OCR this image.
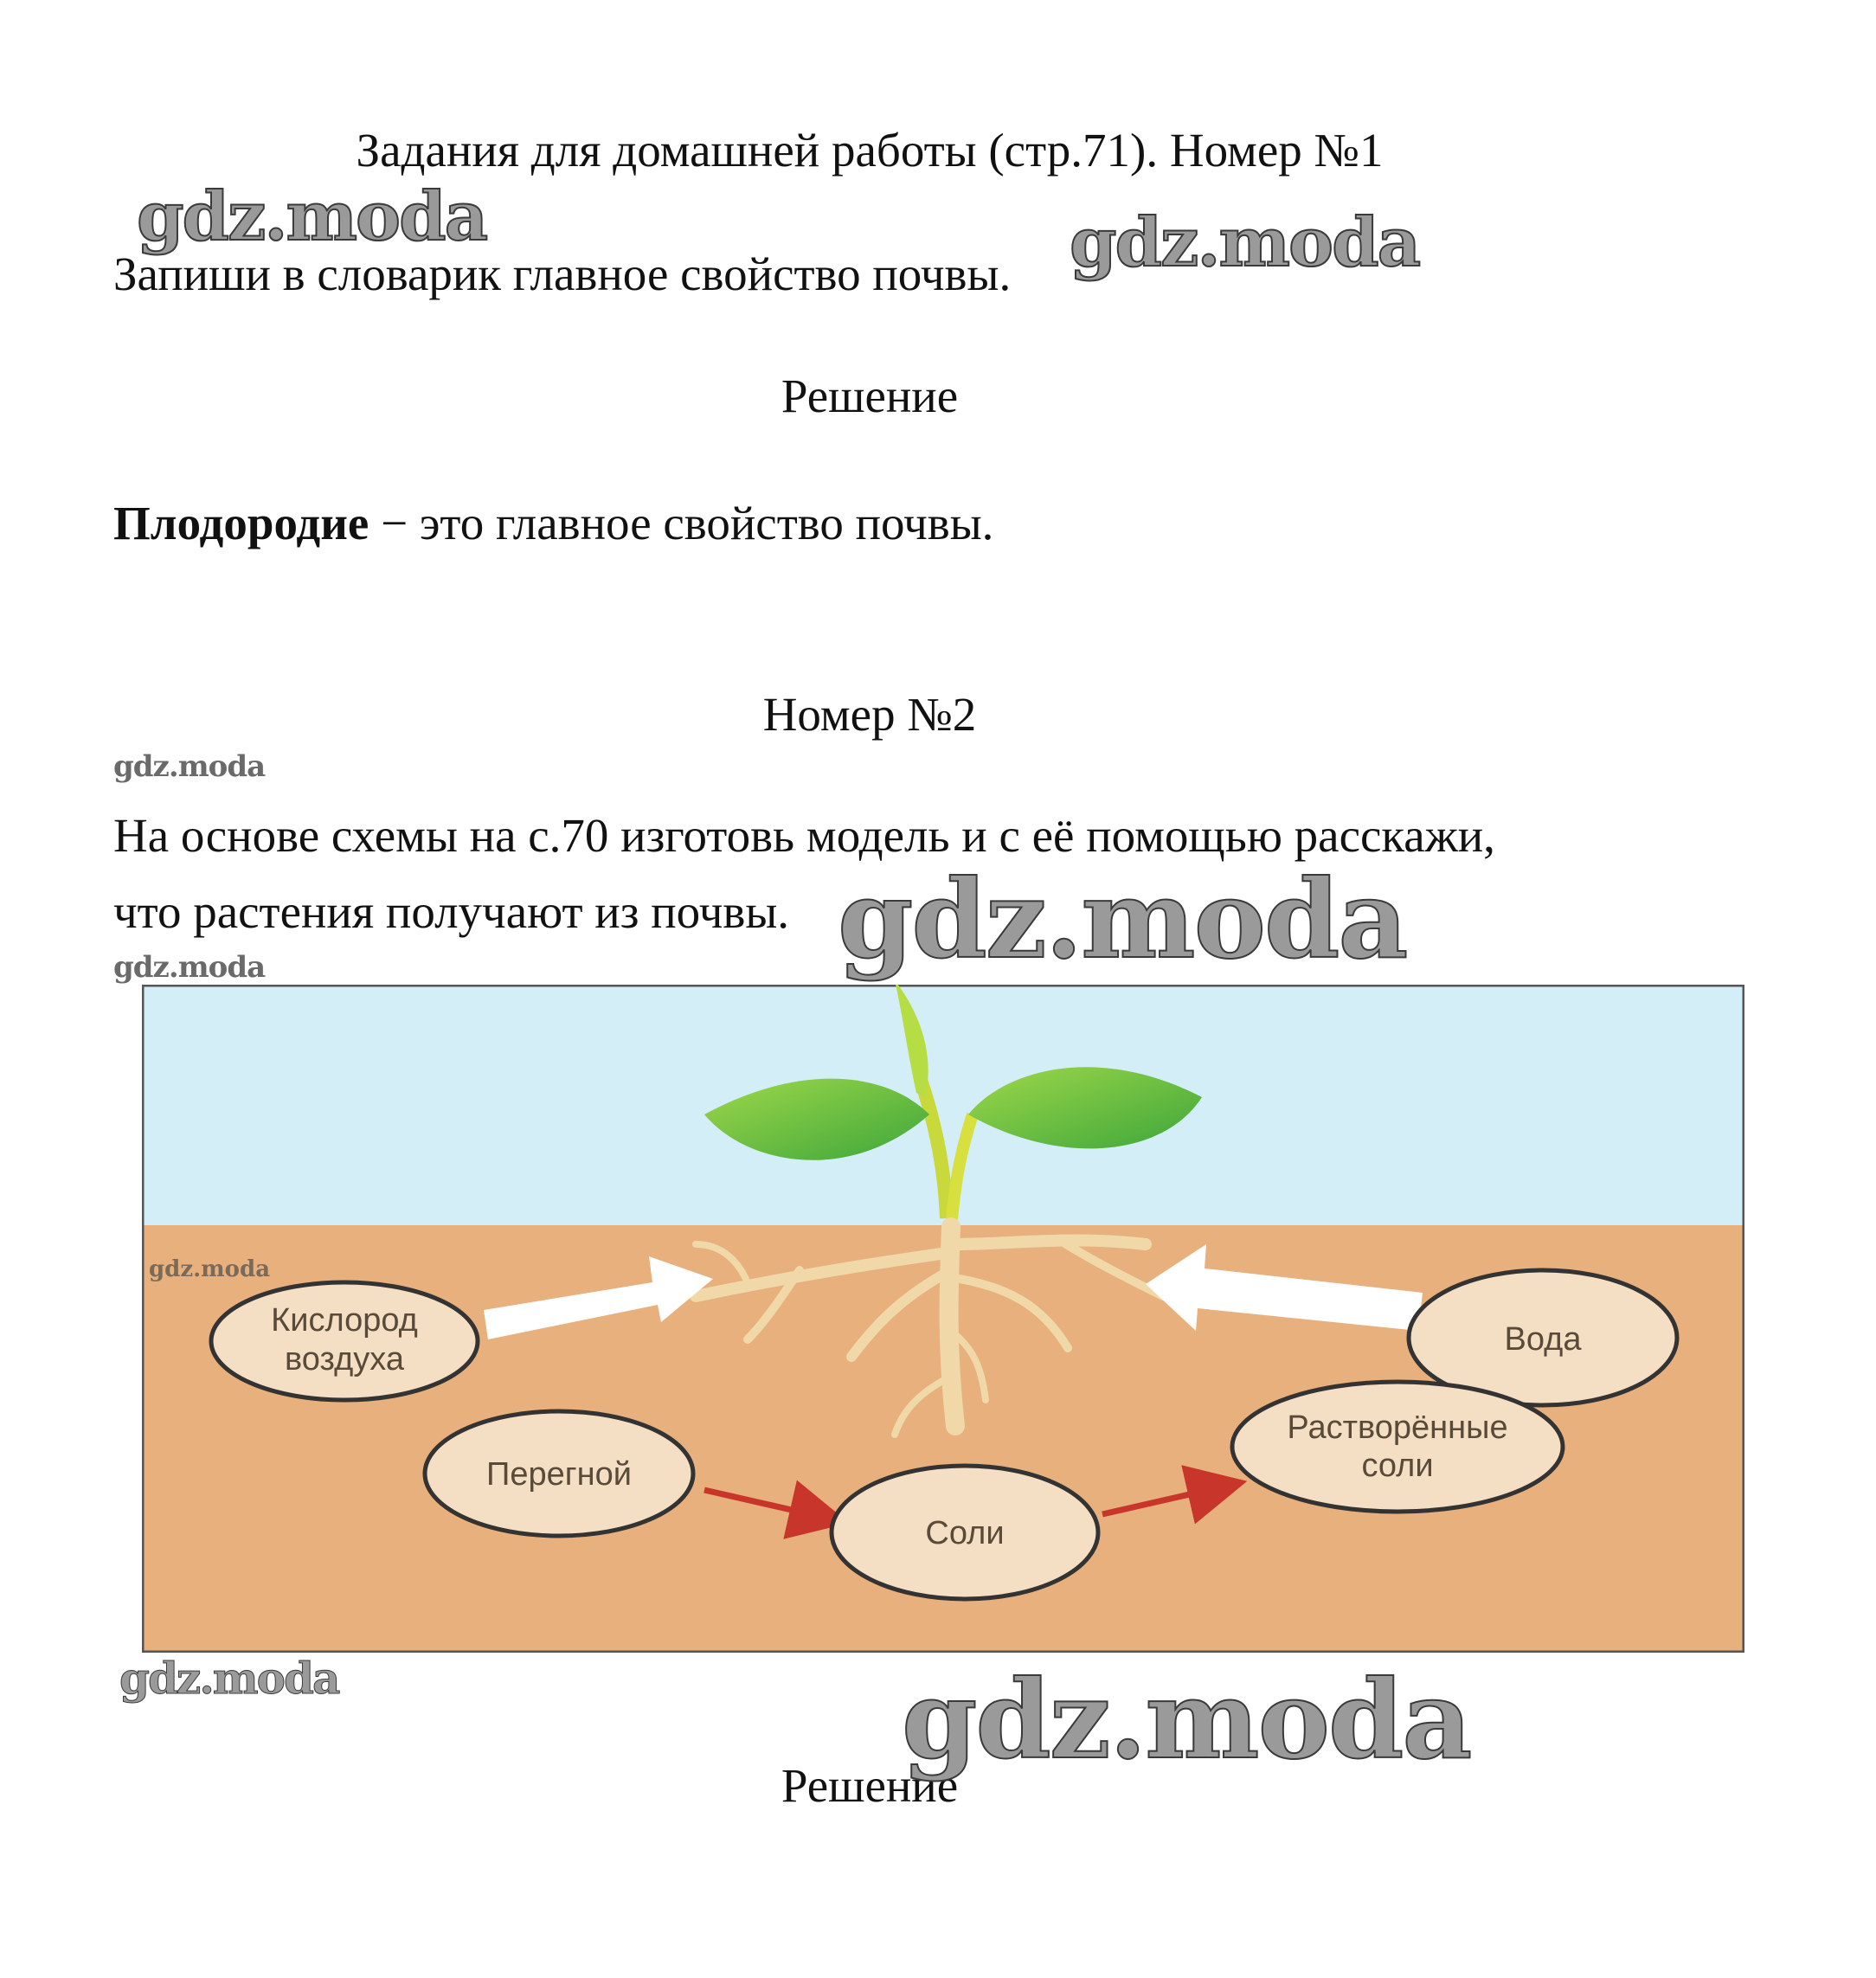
Задания для домашней работы (стр.71). Номер №1
Запиши в словарик главное свойство почвы.
Решение
Плодородие − это главное свойство почвы.
Номер №2
На основе схемы на с.70 изготовь модель и с её помощью расскажи,
что растения получают из почвы.
Решение
gdz.moda	gdz.moda
gdz.moda
gdz.moda
gdz.moda
gdz.moda	gdz.moda
gdz.moda
Кислород
воздуха
Вода
Растворённые
соли
Перегной
Соли
